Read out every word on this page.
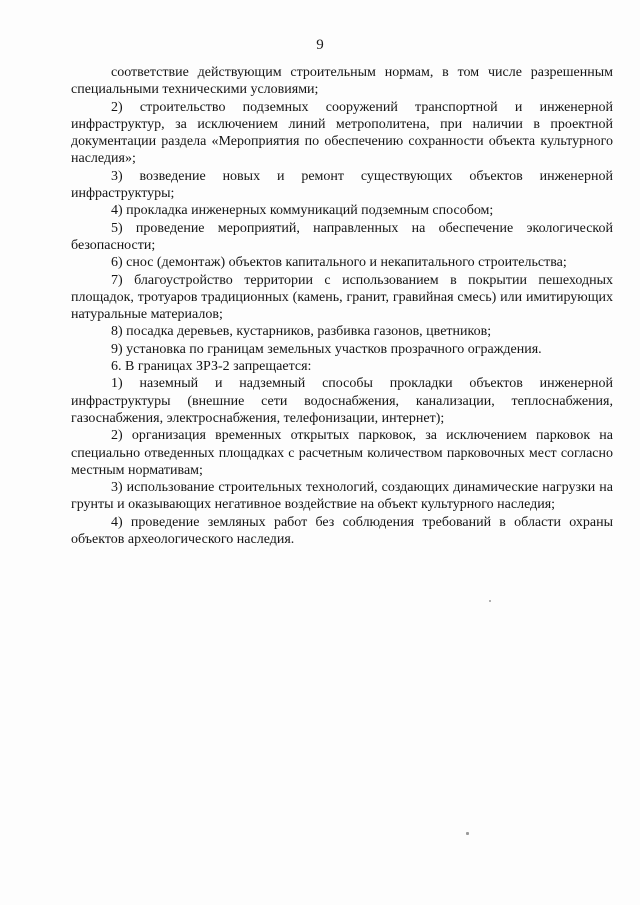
9

соответствие действующим строительным нормам, в том числе разрешенным специальными техническими условиями;

2) строительство подземных сооружений транспортной и инженерной инфраструктур, за исключением линий метрополитена, при наличии в проектной документации раздела «Мероприятия по обеспечению сохранности объекта культурного наследия»;

3) возведение новых и ремонт существующих объектов инженерной инфраструктуры;

4) прокладка инженерных коммуникаций подземным способом;

5) проведение мероприятий, направленных на обеспечение экологической безопасности;

6) снос (демонтаж) объектов капитального и некапитального строительства;

7) благоустройство территории с использованием в покрытии пешеходных площадок, тротуаров традиционных (камень, гранит, гравийная смесь) или имитирующих натуральные материалов;

8) посадка деревьев, кустарников, разбивка газонов, цветников;

9) установка по границам земельных участков прозрачного ограждения.

6. В границах ЗРЗ-2 запрещается:

1) наземный и надземный способы прокладки объектов инженерной инфраструктуры (внешние сети водоснабжения, канализации, теплоснабжения, газоснабжения, электроснабжения, телефонизации, интернет);

2) организация временных открытых парковок, за исключением парковок на специально отведенных площадках с расчетным количеством парковочных мест согласно местным нормативам;

3) использование строительных технологий, создающих динамические нагрузки на грунты и оказывающих негативное воздействие на объект культурного наследия;

4) проведение земляных работ без соблюдения требований в области охраны объектов археологического наследия.
